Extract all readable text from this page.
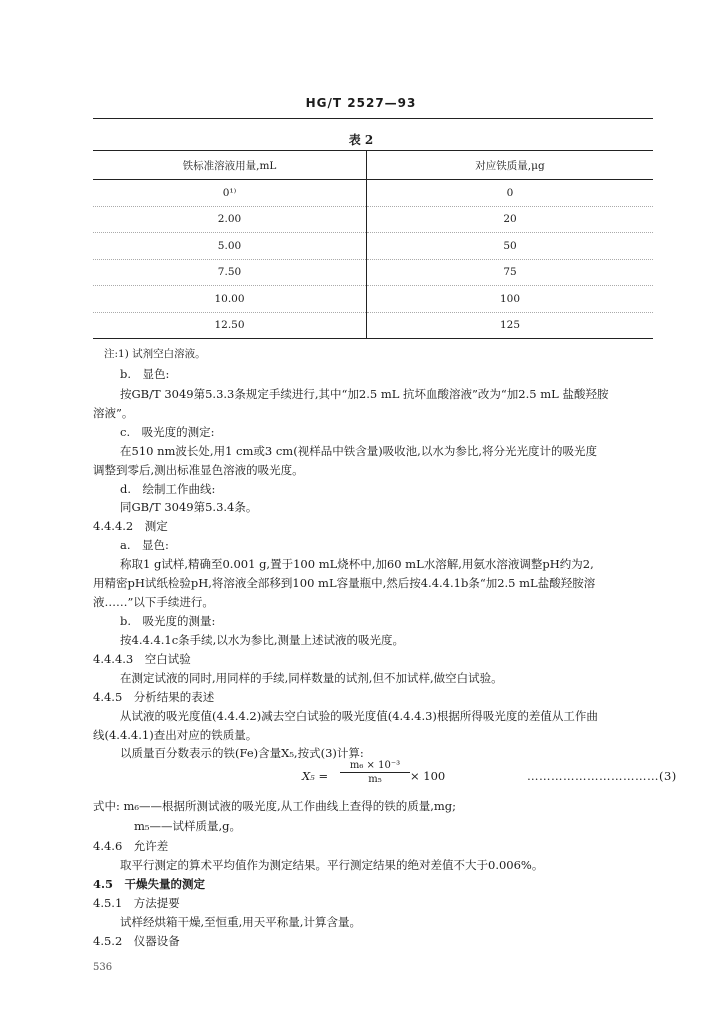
HG/T 2527—93
表 2
铁标准溶液用量,mL	对应铁质量,μg
0¹⁾	0
2.00	20
5.00	50
7.50	75
10.00	100
12.50	125
注:1) 试剂空白溶液。
b.　显色:
按GB/T 3049第5.3.3条规定手续进行,其中“加2.5 mL 抗坏血酸溶液”改为“加2.5 mL 盐酸羟胺
溶液”。
c.　吸光度的测定:
在510 nm波长处,用1 cm或3 cm(视样品中铁含量)吸收池,以水为参比,将分光光度计的吸光度
调整到零后,测出标准显色溶液的吸光度。
d.　绘制工作曲线:
同GB/T 3049第5.3.4条。
4.4.4.2　测定
a.　显色:
称取1 g试样,精确至0.001 g,置于100 mL烧杯中,加60 mL水溶解,用氨水溶液调整pH约为2,
用精密pH试纸检验pH,将溶液全部移到100 mL容量瓶中,然后按4.4.4.1b条“加2.5 mL盐酸羟胺溶
液……”以下手续进行。
b.　吸光度的测量:
按4.4.4.1c条手续,以水为参比,测量上述试液的吸光度。
4.4.4.3　空白试验
在测定试液的同时,用同样的手续,同样数量的试剂,但不加试样,做空白试验。
4.4.5　分析结果的表述
从试液的吸光度值(4.4.4.2)减去空白试验的吸光度值(4.4.4.3)根据所得吸光度的差值从工作曲
线(4.4.4.1)查出对应的铁质量。
以质量百分数表示的铁(Fe)含量X₅,按式(3)计算:
$X_5 = \frac{\text{m₆ × 10⁻³}}{\text{m₅}} \times 100$	……………………………(3)
式中: m₆——根据所测试液的吸光度,从工作曲线上查得的铁的质量,mg;
m₅——试样质量,g。
4.4.6　允许差
取平行测定的算术平均值作为测定结果。平行测定结果的绝对差值不大于0.006%。
4.5　干燥失量的测定
4.5.1　方法提要
试样经烘箱干燥,至恒重,用天平称量,计算含量。
4.5.2　仪器设备
536
